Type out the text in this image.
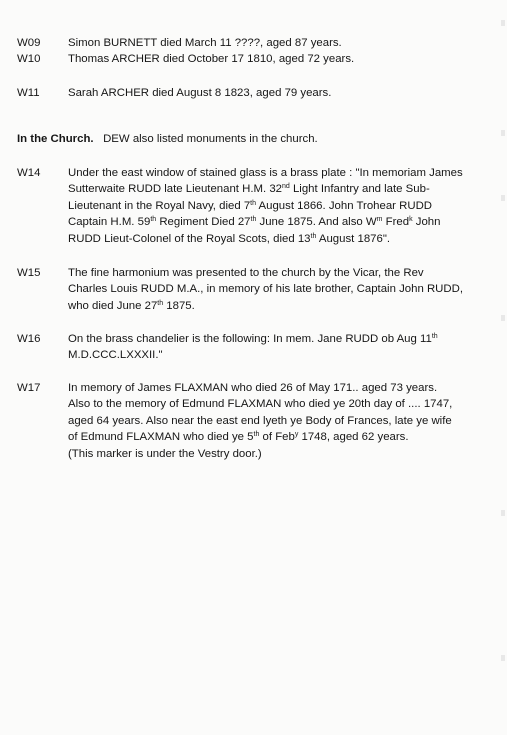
W09 Simon BURNETT died March 11 ????, aged 87 years.
W10 Thomas ARCHER died October 17 1810, aged 72 years.
W11 Sarah ARCHER died August 8 1823, aged 79 years.
In the Church. DEW also listed monuments in the church.
W14 Under the east window of stained glass is a brass plate : "In memoriam James
Sutterwaite RUDD late Lieutenant H.M. 32nd Light Infantry and late Sub-
Lieutenant in the Royal Navy, died 7th August 1866. John Trohear RUDD
Captain H.M. 59th Regiment Died 27th June 1875. And also $W^m$ Fred$^k$ John
RUDD Lieut-Colonel of the Royal Scots, died 13th August 1876".
W15 The fine harmonium was presented to the church by the Vicar, the Rev
Charles Louis RUDD M.A., in memory of his late brother, Captain John RUDD,
who died June 27th 1875.
W16 On the brass chandelier is the following: In mem. Jane RUDD ob Aug 11th
M.D.CCC.LXXXII."
W17 In memory of James FLAXMAN who died 26 of May 171.. aged 73 years.
Also to the memory of Edmund FLAXMAN who died ye 20th day of .... 1747,
aged 64 years. Also near the east end lyeth ye Body of Frances, late ye wife
of Edmund FLAXMAN who died ye 5th of Feb$^y$ 1748, aged 62 years.
(This marker is under the Vestry door.)
